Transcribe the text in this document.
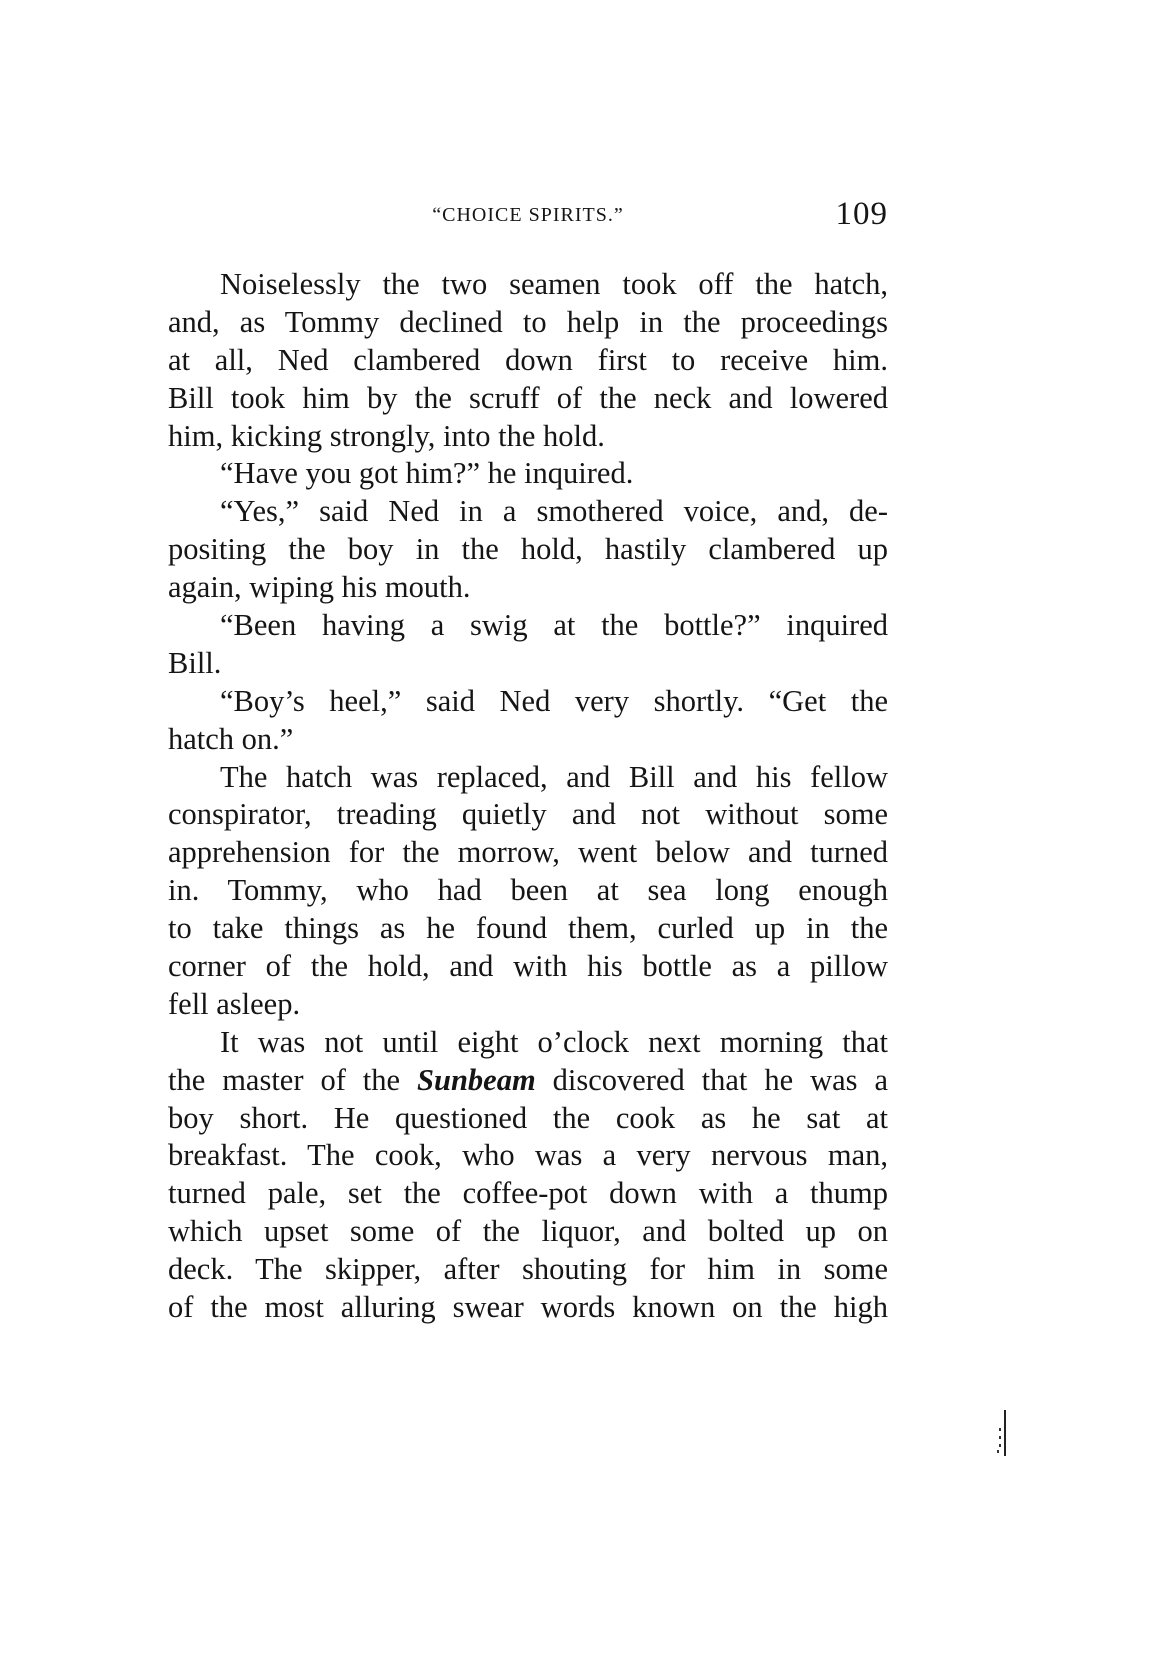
“CHOICE SPIRITS.”	109
Noiselessly the two seamen took off the hatch,
and, as Tommy declined to help in the proceedings
at all, Ned clambered down first to receive him.
Bill took him by the scruff of the neck and lowered
him, kicking strongly, into the hold.
“Have you got him?” he inquired.
“Yes,” said Ned in a smothered voice, and, de-
positing the boy in the hold, hastily clambered up
again, wiping his mouth.
“Been having a swig at the bottle?” inquired
Bill.
“Boy’s heel,” said Ned very shortly. “Get the
hatch on.”
The hatch was replaced, and Bill and his fellow
conspirator, treading quietly and not without some
apprehension for the morrow, went below and turned
in. Tommy, who had been at sea long enough
to take things as he found them, curled up in the
corner of the hold, and with his bottle as a pillow
fell asleep.
It was not until eight o’clock next morning that
the master of the Sunbeam discovered that he was a
boy short. He questioned the cook as he sat at
breakfast. The cook, who was a very nervous man,
turned pale, set the coffee-pot down with a thump
which upset some of the liquor, and bolted up on
deck. The skipper, after shouting for him in some
of the most alluring swear words known on the high
